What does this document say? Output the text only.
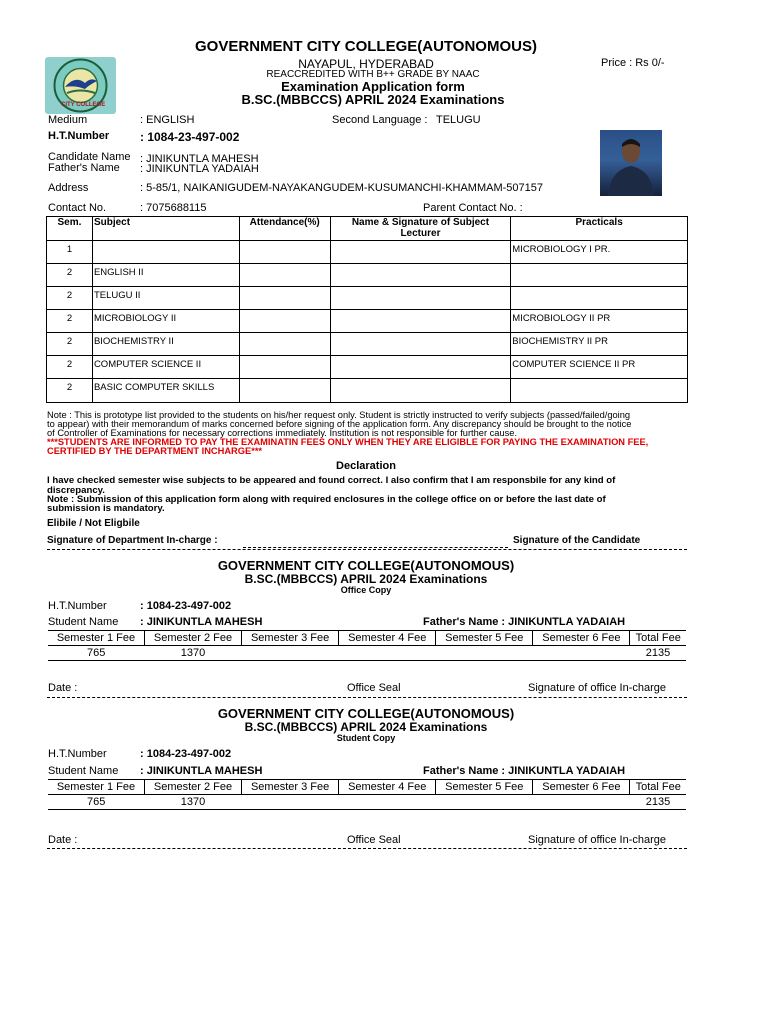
CITY COLLEGE
GOVERNMENT CITY COLLEGE(AUTONOMOUS)
NAYAPUL, HYDERABAD
REACCREDITED WITH B++ GRADE BY NAAC
Examination Application form
B.SC.(MBBCCS) APRIL 2024 Examinations
Price : Rs 0/-
Medium	: ENGLISH	Second Language : TELUGU
H.T.Number	: 1084-23-497-002
Candidate Name : JINIKUNTLA MAHESH
Father's Name : JINIKUNTLA YADAIAH
Address	: 5-85/1, NAIKANIGUDEM-NAYAKANGUDEM-KUSUMANCHI-KHAMMAM-507157
Contact No.	: 7075688115	Parent Contact No. :
Sem.	Subject	Attendance(%)	Name & Signature of Subject Lecturer	Practicals
1				MICROBIOLOGY I PR.
2	ENGLISH II			
2	TELUGU II			
2	MICROBIOLOGY II			MICROBIOLOGY II PR
2	BIOCHEMISTRY II			BIOCHEMISTRY II PR
2	COMPUTER SCIENCE II			COMPUTER SCIENCE II PR
2	BASIC COMPUTER SKILLS			
Note : This is prototype list provided to the students on his/her request only. Student is strictly instructed to verify subjects (passed/failed/going
to appear) with their memorandum of marks concerned before signing of the application form. Any discrepancy should be brought to the notice
of Controller of Examinations for necessary corrections immediately. Institution is not responsible for further cause.
***STUDENTS ARE INFORMED TO PAY THE EXAMINATIN FEES ONLY WHEN THEY ARE ELIGIBLE FOR PAYING THE EXAMINATION FEE,
CERTIFIED BY THE DEPARTMENT INCHARGE***
Declaration
I have checked semester wise subjects to be appeared and found correct. I also confirm that I am responsbile for any kind of
discrepancy.
Note : Submission of this application form along with required enclosures in the college office on or before the last date of
submission is mandatory.
Elibile / Not Eligbile
Signature of Department In-charge :	Signature of the Candidate
GOVERNMENT CITY COLLEGE(AUTONOMOUS)
B.SC.(MBBCCS) APRIL 2024 Examinations
Office Copy
H.T.Number	: 1084-23-497-002
Student Name : JINIKUNTLA MAHESH	Father's Name : JINIKUNTLA YADAIAH
Semester 1 Fee	Semester 2 Fee	Semester 3 Fee	Semester 4 Fee	Semester 5 Fee	Semester 6 Fee	Total Fee
765	1370					2135
Date :	Office Seal	Signature of office In-charge
GOVERNMENT CITY COLLEGE(AUTONOMOUS)
B.SC.(MBBCCS) APRIL 2024 Examinations
Student Copy
H.T.Number	: 1084-23-497-002
Student Name : JINIKUNTLA MAHESH	Father's Name : JINIKUNTLA YADAIAH
Semester 1 Fee	Semester 2 Fee	Semester 3 Fee	Semester 4 Fee	Semester 5 Fee	Semester 6 Fee	Total Fee
765	1370					2135
Date :	Office Seal	Signature of office In-charge
